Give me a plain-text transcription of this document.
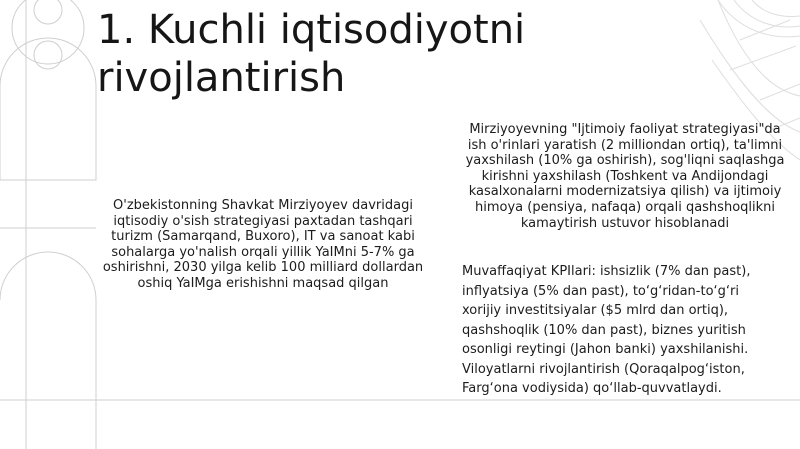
1. Kuchli iqtisodiyotni rivojlantirish
O'zbekistonning Shavkat Mirziyoyev davridagi iqtisodiy o'sish strategiyasi paxtadan tashqari turizm (Samarqand, Buxoro), IT va sanoat kabi sohalarga yo'nalish orqali yillik YaIMni 5-7% ga oshirishni, 2030 yilga kelib 100 milliard dollardan oshiq YaIMga erishishni maqsad qilgan
Mirziyoyevning "Ijtimoiy faoliyat strategiyasi"da ish o'rinlari yaratish (2 milliondan ortiq), ta'limni yaxshilash (10% ga oshirish), sog'liqni saqlashga kirishni yaxshilash (Toshkent va Andijondagi kasalxonalarni modernizatsiya qilish) va ijtimoiy himoya (pensiya, nafaqa) orqali qashshoqlikni kamaytirish ustuvor hisoblanadi
Muvaffaqiyat KPIlari: ishsizlik (7% dan past), inflyatsiya (5% dan past), to‘g‘ridan-to‘g‘ri xorijiy investitsiyalar ($5 mlrd dan ortiq), qashshoqlik (10% dan past), biznes yuritish osonligi reytingi (Jahon banki) yaxshilanishi. Viloyatlarni rivojlantirish (Qoraqalpog‘iston, Farg‘ona vodiysida) qo‘llab-quvvatlaydi.
